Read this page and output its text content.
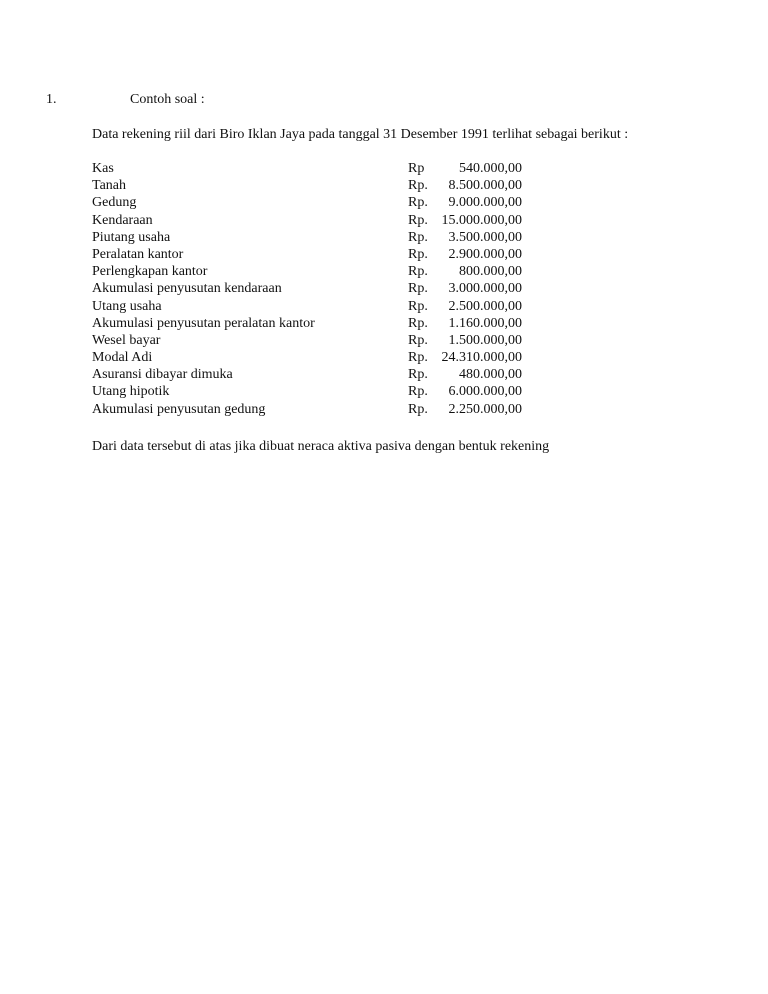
1.	Contoh soal :
Data rekening riil dari Biro Iklan Jaya pada tanggal 31 Desember 1991 terlihat sebagai berikut :
Kas	Rp 540.000,00
Tanah	Rp. 8.500.000,00
Gedung	Rp. 9.000.000,00
Kendaraan	Rp. 15.000.000,00
Piutang usaha	Rp. 3.500.000,00
Peralatan kantor	Rp. 2.900.000,00
Perlengkapan kantor	Rp. 800.000,00
Akumulasi penyusutan kendaraan	Rp. 3.000.000,00
Utang usaha	Rp. 2.500.000,00
Akumulasi penyusutan peralatan kantor	Rp. 1.160.000,00
Wesel bayar	Rp. 1.500.000,00
Modal Adi	Rp. 24.310.000,00
Asuransi dibayar dimuka	Rp. 480.000,00
Utang hipotik	Rp. 6.000.000,00
Akumulasi penyusutan gedung	Rp. 2.250.000,00
Dari data tersebut di atas jika dibuat neraca aktiva pasiva dengan bentuk rekening
